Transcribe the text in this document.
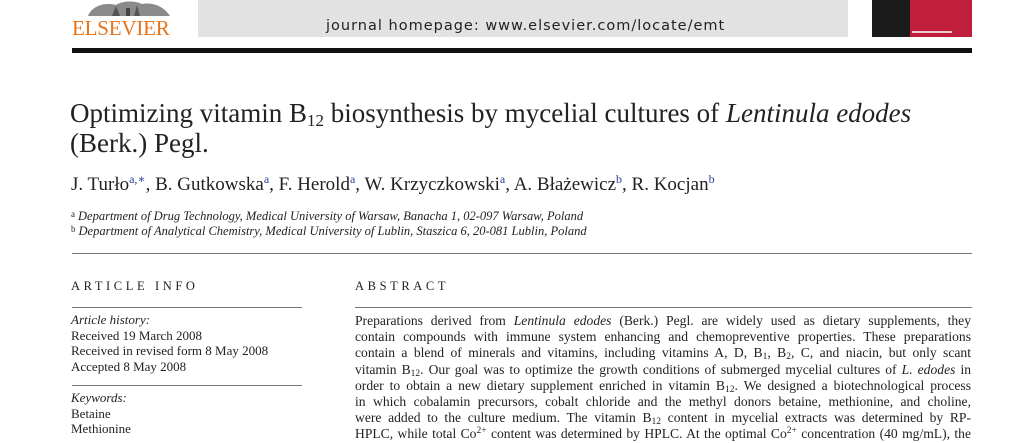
ELSEVIER	journal homepage: www.elsevier.com/locate/emt
Optimizing vitamin $B_{12}$ biosynthesis by mycelial cultures of Lentinula edodes
(Berk.) Pegl.
J. Turło$^{a,∗}$, B. Gutkowska$^a$, F. Herold$^a$, W. Krzyczkowski$^a$, A. Błażewicz$^b$, R. Kocjan$^b$
$^a$ Department of Drug Technology, Medical University of Warsaw, Banacha 1, 02-097 Warsaw, Poland
$^b$ Department of Analytical Chemistry, Medical University of Lublin, Staszica 6, 20-081 Lublin, Poland
ARTICLE INFO	ABSTRACT
Article history:
Received 19 March 2008
Received in revised form 8 May 2008
Accepted 8 May 2008
Keywords:
Betaine
Methionine
Preparations derived from Lentinula edodes (Berk.) Pegl. are widely used as dietary supplements, they
contain compounds with immune system enhancing and chemopreventive properties. These preparations
contain a blend of minerals and vitamins, including vitamins A, D, $B_1$, $B_2$, C, and niacin, but only scant
vitamin $B_{12}$. Our goal was to optimize the growth conditions of submerged mycelial cultures of L. edodes in
order to obtain a new dietary supplement enriched in vitamin $B_{12}$. We designed a biotechnological process
in which cobalamin precursors, cobalt chloride and the methyl donors betaine, methionine, and choline,
were added to the culture medium. The vitamin $B_{12}$ content in mycelial extracts was determined by RP-
HPLC, while total $Co^{2+}$ content was determined by HPLC. At the optimal $Co^{2+}$ concentration (40 mg/mL), the
